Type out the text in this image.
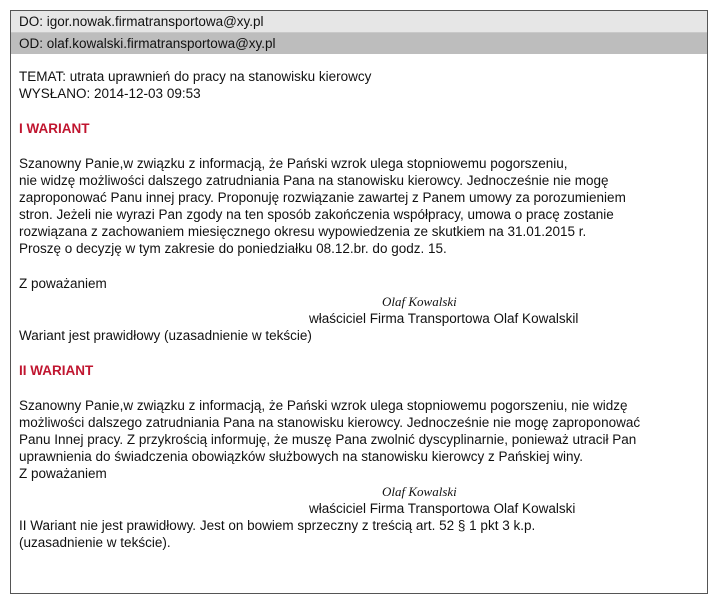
DO: igor.nowak.firmatransportowa@xy.pl
OD: olaf.kowalski.firmatransportowa@xy.pl
TEMAT: utrata uprawnień do pracy na stanowisku kierowcy
WYSŁANO: 2014-12-03 09:53
I WARIANT

Szanowny Panie,w związku z informacją, że Pański wzrok ulega stopniowemu pogorszeniu,

nie widzę możliwości dalszego zatrudniania Pana na stanowisku kierowcy. Jednocześnie nie mogę

zaproponować Panu innej pracy. Proponuję rozwiązanie zawartej z Panem umowy za porozumieniem

stron. Jeżeli nie wyrazi Pan zgody na ten sposób zakończenia współpracy, umowa o pracę zostanie

rozwiązana z zachowaniem miesięcznego okresu wypowiedzenia ze skutkiem na 31.01.2015 r.

Proszę o decyzję w tym zakresie do poniedziałku 08.12.br. do godz. 15.

Z poważaniem
Olaf Kowalski
właściciel Firma Transportowa Olaf Kowalskil
Wariant jest prawidłowy (uzasadnienie w tekście)
II WARIANT

Szanowny Panie,w związku z informacją, że Pański wzrok ulega stopniowemu pogorszeniu, nie widzę

możliwości dalszego zatrudniania Pana na stanowisku kierowcy. Jednocześnie nie mogę zaproponować

Panu Innej pracy. Z przykrością informuję, że muszę Pana zwolnić dyscyplinarnie, ponieważ utracił Pan

uprawnienia do świadczenia obowiązków służbowych na stanowisku kierowcy z Pańskiej winy.

Z poważaniem
Olaf Kowalski
właściciel Firma Transportowa Olaf Kowalski
II Wariant nie jest prawidłowy. Jest on bowiem sprzeczny z treścią art. 52 § 1 pkt 3 k.p.
(uzasadnienie w tekście).
